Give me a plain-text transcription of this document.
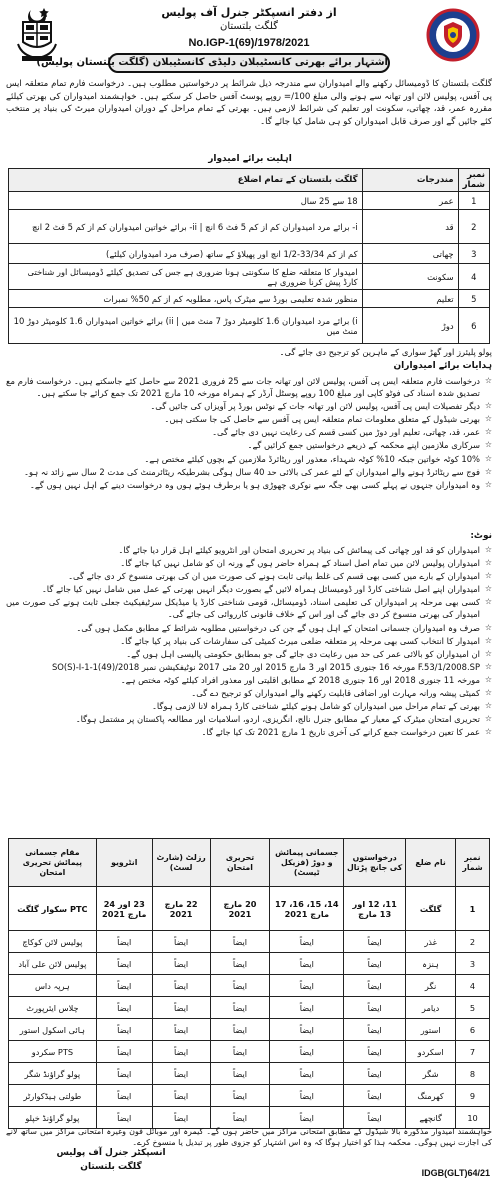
از دفتر انسپکٹر جنرل آف پولیس
گلگت بلتستان
No.IGP-1(69)/1978/2021
اشتہار برائے بھرتی کانسٹیبلان دلیڈی کانسٹیبلان (گلگت بلتستان پولیس)
گلگت بلتستان کا ڈومیسائل رکھنے والے امیدواران سے مندرجہ ذیل شرائط پر درخواستیں مطلوب ہیں۔ درخواست فارم تمام متعلقہ ایس پی آفس، پولیس لائن اور تھانہ سے ہونے والی مبلغ 100/= روپے پوسٹ آفس حاصل کر سکتے ہیں۔ خواہشمند امیدواران کی بھرتی کیلئے مقررہ عمر، قد، چھاتی، سکونت اور تعلیم کی شرائط لازمی ہیں۔ بھرتی کے تمام مراحل کے دوران امیدواران میرٹ کی بنیاد پر منتخب کئے جائیں گے اور صرف قابل امیدواران کو ہی شامل کیا جائے گا۔
اہلیت برائے امیدوار
نمبر شمار	مندرجات	گلگت بلتستان کے تمام اضلاع
1	عمر	18 سے 25 سال
2	قد	i- برائے مرد امیدواران کم از کم 5 فٹ 6 انچ | ii- برائے خواتین امیدواران کم از کم 5 فٹ 2 انچ
3	چھاتی	کم از کم 33/34-1/2 انچ اور پھیلاؤ کے ساتھ (صرف مرد امیدواران کیلئے)
4	سکونت	امیدوار کا متعلقہ ضلع کا سکونتی ہونا ضروری ہے جس کی تصدیق کیلئے ڈومیسائل اور شناختی کارڈ پیش کرنا ضروری ہے
5	تعلیم	منظور شدہ تعلیمی بورڈ سے میٹرک پاس، مطلوبہ کم از کم 50% نمبرات
6	دوڑ	i) برائے مرد امیدواران 1.6 کلومیٹر دوڑ 7 منٹ میں | ii) برائے خواتین امیدواران 1.6 کلومیٹر دوڑ 10 منٹ میں
پولو پلیئرز اور گھڑ سواری کے ماہرین کو ترجیح دی جائے گی۔
ہدایات برائے امیدواران
☆ درخواست فارم متعلقہ ایس پی آفس، پولیس لائن اور تھانہ جات سے 25 فروری 2021 سے حاصل کئے جاسکتے ہیں۔ درخواست فارم مع تصدیق شدہ اسناد کی فوٹو کاپی اور مبلغ 100 روپے پوسٹل آرڈر کے ہمراہ مورخہ 10 مارچ 2021 تک جمع کرائے جا سکتے ہیں۔
☆ دیگر تفصیلات ایس پی آفس، پولیس لائن اور تھانہ جات کے نوٹس بورڈ پر آویزاں کی جائیں گی۔
☆ بھرتی شیڈول کے متعلق معلومات تمام متعلقہ ایس پی آفس سے حاصل کی جا سکتی ہیں۔
☆ عمر، قد، چھاتی، تعلیم اور دوڑ میں کسی قسم کی رعایت نہیں دی جائے گی۔
☆ سرکاری ملازمین اپنے محکمہ کے ذریعے درخواستیں جمع کرائیں گے۔
☆ 10% کوٹہ خواتین جبکہ 10% کوٹہ شہداء، معذور اور ریٹائرڈ ملازمین کے بچوں کیلئے مختص ہے۔
☆ فوج سے ریٹائرڈ ہونے والے امیدواران کے لئے عمر کی بالائی حد 40 سال ہوگی بشرطیکہ ریٹائرمنٹ کی مدت 2 سال سے زائد نہ ہو۔
☆ وہ امیدواران جنہوں نے پہلے کسی بھی جگہ سے نوکری چھوڑی ہو یا برطرف ہوئے ہوں وہ درخواست دینے کے اہل نہیں ہوں گے۔
نوٹ:
☆ امیدواران کو قد اور چھاتی کی پیمائش کی بنیاد پر تحریری امتحان اور انٹرویو کیلئے اہل قرار دیا جائے گا۔
☆ امیدواران پولیس لائن میں تمام اصل اسناد کے ہمراہ حاضر ہوں گے ورنہ ان کو شامل نہیں کیا جائے گا۔
☆ امیدواران کے بارے میں کسی بھی قسم کی غلط بیانی ثابت ہونے کی صورت میں ان کی بھرتی منسوخ کر دی جائے گی۔
☆ امیدواران اپنے اصل شناختی کارڈ اور ڈومیسائل ہمراہ لائیں گے بصورت دیگر انہیں بھرتی کے عمل میں شامل نہیں کیا جائے گا۔
☆ کسی بھی مرحلہ پر امیدواران کی تعلیمی اسناد، ڈومیسائل، قومی شناختی کارڈ یا میڈیکل سرٹیفیکیٹ جعلی ثابت ہونے کی صورت میں امیدوار کی بھرتی منسوخ کر دی جائے گی اور اس کے خلاف قانونی کارروائی کی جائے گی۔
☆ صرف وہ امیدواران جسمانی امتحان کے اہل ہوں گے جن کی درخواستیں مطلوبہ شرائط کے مطابق مکمل ہوں گی۔
☆ امیدوار کا انتخاب کسی بھی مرحلہ پر متعلقہ ضلعی میرٹ کمیٹی کی سفارشات کی بنیاد پر کیا جائے گا۔
☆ ان امیدواران کو بالائی عمر کی حد میں رعایت دی جائے گی جو بمطابق حکومتی پالیسی اہل ہوں گے۔
☆ F.53/1/2008.SP مورخہ 16 جنوری 2015 اور 3 مارچ 2015 اور 20 مئی 2017 نوٹیفکیشن نمبر SO(S)-I-1-1(49)/2018
☆ مورخہ 11 جنوری 2018 اور 16 جنوری 2018 کے مطابق اقلیتی اور معذور افراد کیلئے کوٹہ مختص ہے۔
☆ کمیٹی پیشہ ورانہ مہارت اور اضافی قابلیت رکھنے والے امیدواران کو ترجیح دے گی۔
☆ بھرتی کے تمام مراحل میں امیدواران کو شامل ہونے کیلئے شناختی کارڈ ہمراہ لانا لازمی ہوگا۔
☆ تحریری امتحان میٹرک کے معیار کے مطابق جنرل نالج، انگریزی، اردو، اسلامیات اور مطالعہ پاکستان پر مشتمل ہوگا۔
☆ عمر کا تعین درخواست جمع کرانے کی آخری تاریخ 1 مارچ 2021 تک کیا جائے گا۔
نمبر شمار	نام ضلع	درخواستوں کی جانچ پڑتال	جسمانی پیمائش و دوڑ (فزیکل ٹیسٹ)	تحریری امتحان	رزلٹ (شارٹ لسٹ)	انٹرویو	مقام جسمانی پیمائش تحریری امتحان
1	گلگت	11، 12 اور 13 مارچ	14، 15، 16، 17 مارچ 2021	20 مارچ 2021	22 مارچ 2021	23 اور 24 مارچ 2021	PTC سکوار گلگت
2	غذر	ایضاً	ایضاً	ایضاً	ایضاً	ایضاً	پولیس لائن کوکاچ
3	ہنزہ	ایضاً	ایضاً	ایضاً	ایضاً	ایضاً	پولیس لائن علی آباد
4	نگر	ایضاً	ایضاً	ایضاً	ایضاً	ایضاً	ہرپہ داس
5	دیامر	ایضاً	ایضاً	ایضاً	ایضاً	ایضاً	چلاس ایئرپورٹ
6	استور	ایضاً	ایضاً	ایضاً	ایضاً	ایضاً	ہائی اسکول استور
7	اسکردو	ایضاً	ایضاً	ایضاً	ایضاً	ایضاً	PTS سکردو
8	شگر	ایضاً	ایضاً	ایضاً	ایضاً	ایضاً	پولو گراؤنڈ شگر
9	کھرمنگ	ایضاً	ایضاً	ایضاً	ایضاً	ایضاً	طولتی ہیڈکوارٹر
10	گانچھے	ایضاً	ایضاً	ایضاً	ایضاً	ایضاً	پولو گراؤنڈ خپلو
خواہشمند امیدوار مذکورہ بالا شیڈول کے مطابق امتحانی مراکز میں حاضر ہوں گے۔ کیمرہ اور موبائل فون وغیرہ امتحانی مراکز میں ساتھ لانے کی اجازت نہیں ہوگی۔ محکمہ ہذا کو اختیار ہوگا کہ وہ اس اشتہار کو جزوی طور پر تبدیل یا منسوخ کرے۔
انسپکٹر جنرل آف پولیس
گلگت بلتستان
IDGB(GLT)64/21
